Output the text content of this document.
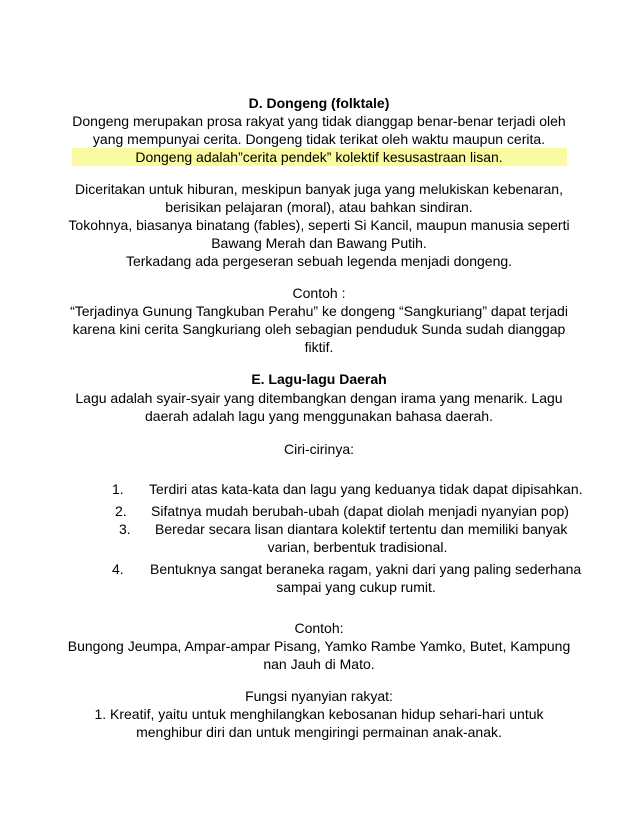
D. Dongeng (folktale)
Dongeng merupakan prosa rakyat yang tidak dianggap benar-benar terjadi oleh
yang mempunyai cerita. Dongeng tidak terikat oleh waktu maupun cerita.
Dongeng adalah”cerita pendek” kolektif kesusastraan lisan.
Diceritakan untuk hiburan, meskipun banyak juga yang melukiskan kebenaran,
berisikan pelajaran (moral), atau bahkan sindiran.
Tokohnya, biasanya binatang (fables), seperti Si Kancil, maupun manusia seperti
Bawang Merah dan Bawang Putih.
Terkadang ada pergeseran sebuah legenda menjadi dongeng.
Contoh :
“Terjadinya Gunung Tangkuban Perahu” ke dongeng “Sangkuriang” dapat terjadi
karena kini cerita Sangkuriang oleh sebagian penduduk Sunda sudah dianggap
fiktif.
E. Lagu-lagu Daerah
Lagu adalah syair-syair yang ditembangkan dengan irama yang menarik. Lagu
daerah adalah lagu yang menggunakan bahasa daerah.
Ciri-cirinya:
1. Terdiri atas kata-kata dan lagu yang keduanya tidak dapat dipisahkan.
2. Sifatnya mudah berubah-ubah (dapat diolah menjadi nyanyian pop)
3. Beredar secara lisan diantara kolektif tertentu dan memiliki banyak
varian, berbentuk tradisional.
4. Bentuknya sangat beraneka ragam, yakni dari yang paling sederhana
sampai yang cukup rumit.
Contoh:
Bungong Jeumpa, Ampar-ampar Pisang, Yamko Rambe Yamko, Butet, Kampung
nan Jauh di Mato.
Fungsi nyanyian rakyat:
1. Kreatif, yaitu untuk menghilangkan kebosanan hidup sehari-hari untuk
menghibur diri dan untuk mengiringi permainan anak-anak.
